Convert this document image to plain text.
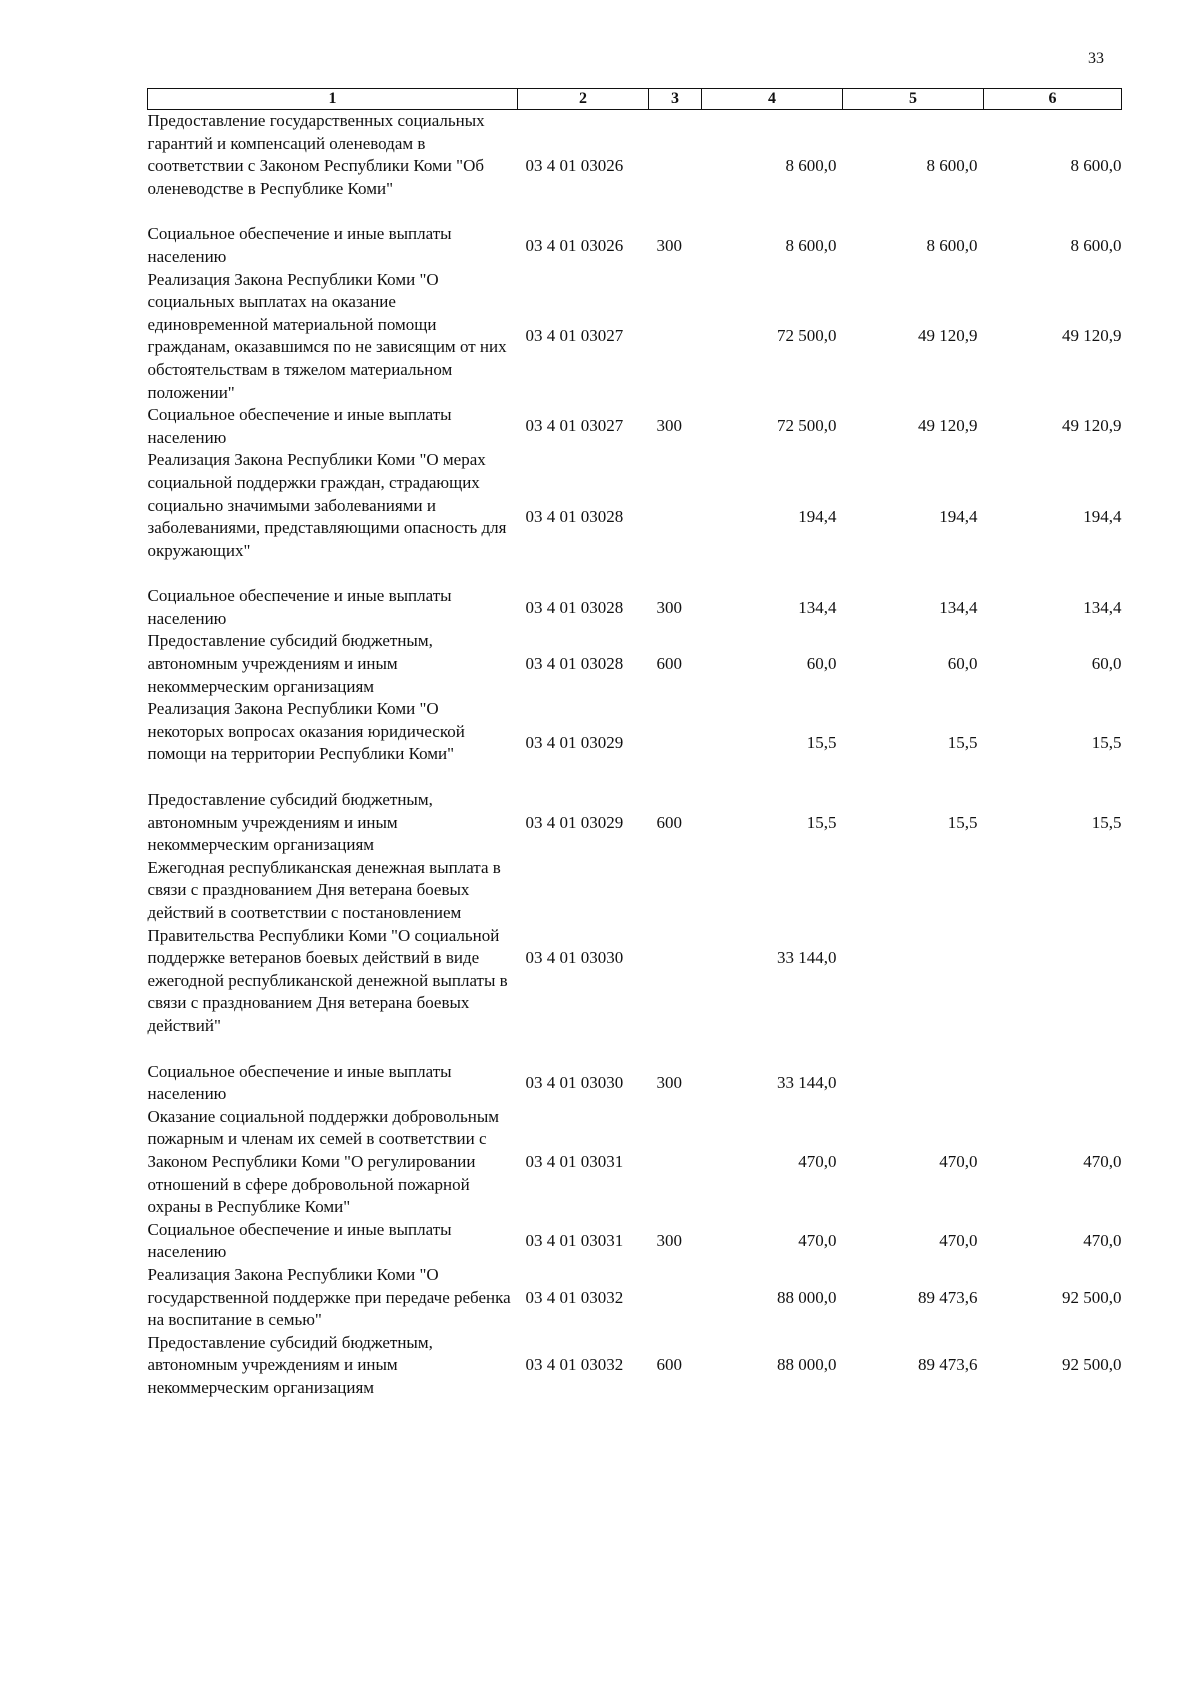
33
1	2	3	4	5	6
Предоставление государственных социальных гарантий и компенсаций оленеводам в соответствии с Законом Республики Коми "Об оленеводстве в Республике Коми"	03 4 01 03026		8 600,0	8 600,0	8 600,0
Социальное обеспечение и иные выплаты населению	03 4 01 03026	300	8 600,0	8 600,0	8 600,0
Реализация Закона Республики Коми "О социальных выплатах на оказание единовременной материальной помощи гражданам, оказавшимся по не зависящим от них обстоятельствам в тяжелом материальном положении"	03 4 01 03027		72 500,0	49 120,9	49 120,9
Социальное обеспечение и иные выплаты населению	03 4 01 03027	300	72 500,0	49 120,9	49 120,9
Реализация Закона Республики Коми "О мерах социальной поддержки граждан, страдающих социально значимыми заболеваниями и заболеваниями, представляющими опасность для окружающих"	03 4 01 03028		194,4	194,4	194,4
Социальное обеспечение и иные выплаты населению	03 4 01 03028	300	134,4	134,4	134,4
Предоставление субсидий бюджетным, автономным учреждениям и иным некоммерческим организациям	03 4 01 03028	600	60,0	60,0	60,0
Реализация Закона Республики Коми "О некоторых вопросах оказания юридической помощи на территории Республики Коми"	03 4 01 03029		15,5	15,5	15,5
Предоставление субсидий бюджетным, автономным учреждениям и иным некоммерческим организациям	03 4 01 03029	600	15,5	15,5	15,5
Ежегодная республиканская денежная выплата в связи с празднованием Дня ветерана боевых действий в соответствии с постановлением Правительства Республики Коми "О социальной поддержке ветеранов боевых действий в виде ежегодной республиканской денежной выплаты в связи с празднованием Дня ветерана боевых действий"	03 4 01 03030		33 144,0		
Социальное обеспечение и иные выплаты населению	03 4 01 03030	300	33 144,0		
Оказание социальной поддержки добровольным пожарным и членам их семей в соответствии с Законом Республики Коми "О регулировании отношений в сфере добровольной пожарной охраны в Республике Коми"	03 4 01 03031		470,0	470,0	470,0
Социальное обеспечение и иные выплаты населению	03 4 01 03031	300	470,0	470,0	470,0
Реализация Закона Республики Коми "О государственной поддержке при передаче ребенка на воспитание в семью"	03 4 01 03032		88 000,0	89 473,6	92 500,0
Предоставление субсидий бюджетным, автономным учреждениям и иным некоммерческим организациям	03 4 01 03032	600	88 000,0	89 473,6	92 500,0
